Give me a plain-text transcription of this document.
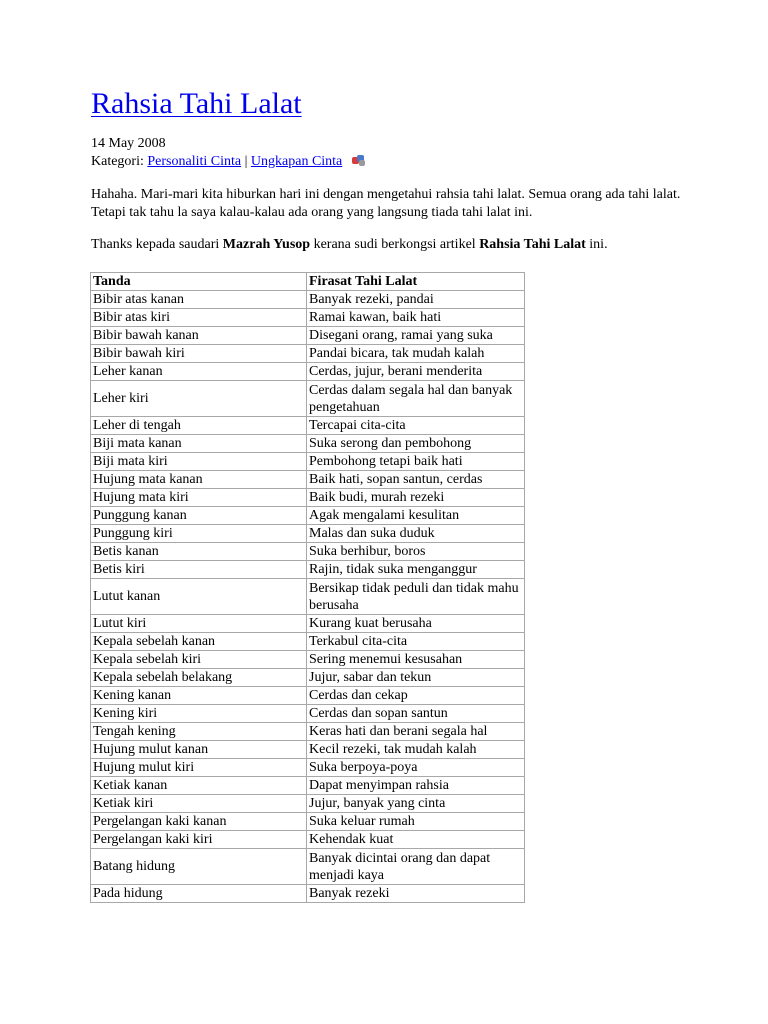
Rahsia Tahi Lalat
14 May 2008
Kategori: Personaliti Cinta | Ungkapan Cinta

Hahaha. Mari-mari kita hiburkan hari ini dengan mengetahui rahsia tahi lalat. Semua orang ada tahi lalat. Tetapi tak tahu la saya kalau-kalau ada orang yang langsung tiada tahi lalat ini.

Thanks kepada saudari Mazrah Yusop kerana sudi berkongsi artikel Rahsia Tahi Lalat ini.

Tanda	Firasat Tahi Lalat
Bibir atas kanan	Banyak rezeki, pandai
Bibir atas kiri	Ramai kawan, baik hati
Bibir bawah kanan	Disegani orang, ramai yang suka
Bibir bawah kiri	Pandai bicara, tak mudah kalah
Leher kanan	Cerdas, jujur, berani menderita
Leher kiri	Cerdas dalam segala hal dan banyak pengetahuan
Leher di tengah	Tercapai cita-cita
Biji mata kanan	Suka serong dan pembohong
Biji mata kiri	Pembohong tetapi baik hati
Hujung mata kanan	Baik hati, sopan santun, cerdas
Hujung mata kiri	Baik budi, murah rezeki
Punggung kanan	Agak mengalami kesulitan
Punggung kiri	Malas dan suka duduk
Betis kanan	Suka berhibur, boros
Betis kiri	Rajin, tidak suka menganggur
Lutut kanan	Bersikap tidak peduli dan tidak mahu berusaha
Lutut kiri	Kurang kuat berusaha
Kepala sebelah kanan	Terkabul cita-cita
Kepala sebelah kiri	Sering menemui kesusahan
Kepala sebelah belakang	Jujur, sabar dan tekun
Kening kanan	Cerdas dan cekap
Kening kiri	Cerdas dan sopan santun
Tengah kening	Keras hati dan berani segala hal
Hujung mulut kanan	Kecil rezeki, tak mudah kalah
Hujung mulut kiri	Suka berpoya-poya
Ketiak kanan	Dapat menyimpan rahsia
Ketiak kiri	Jujur, banyak yang cinta
Pergelangan kaki kanan	Suka keluar rumah
Pergelangan kaki kiri	Kehendak kuat
Batang hidung	Banyak dicintai orang dan dapat menjadi kaya
Pada hidung	Banyak rezeki
